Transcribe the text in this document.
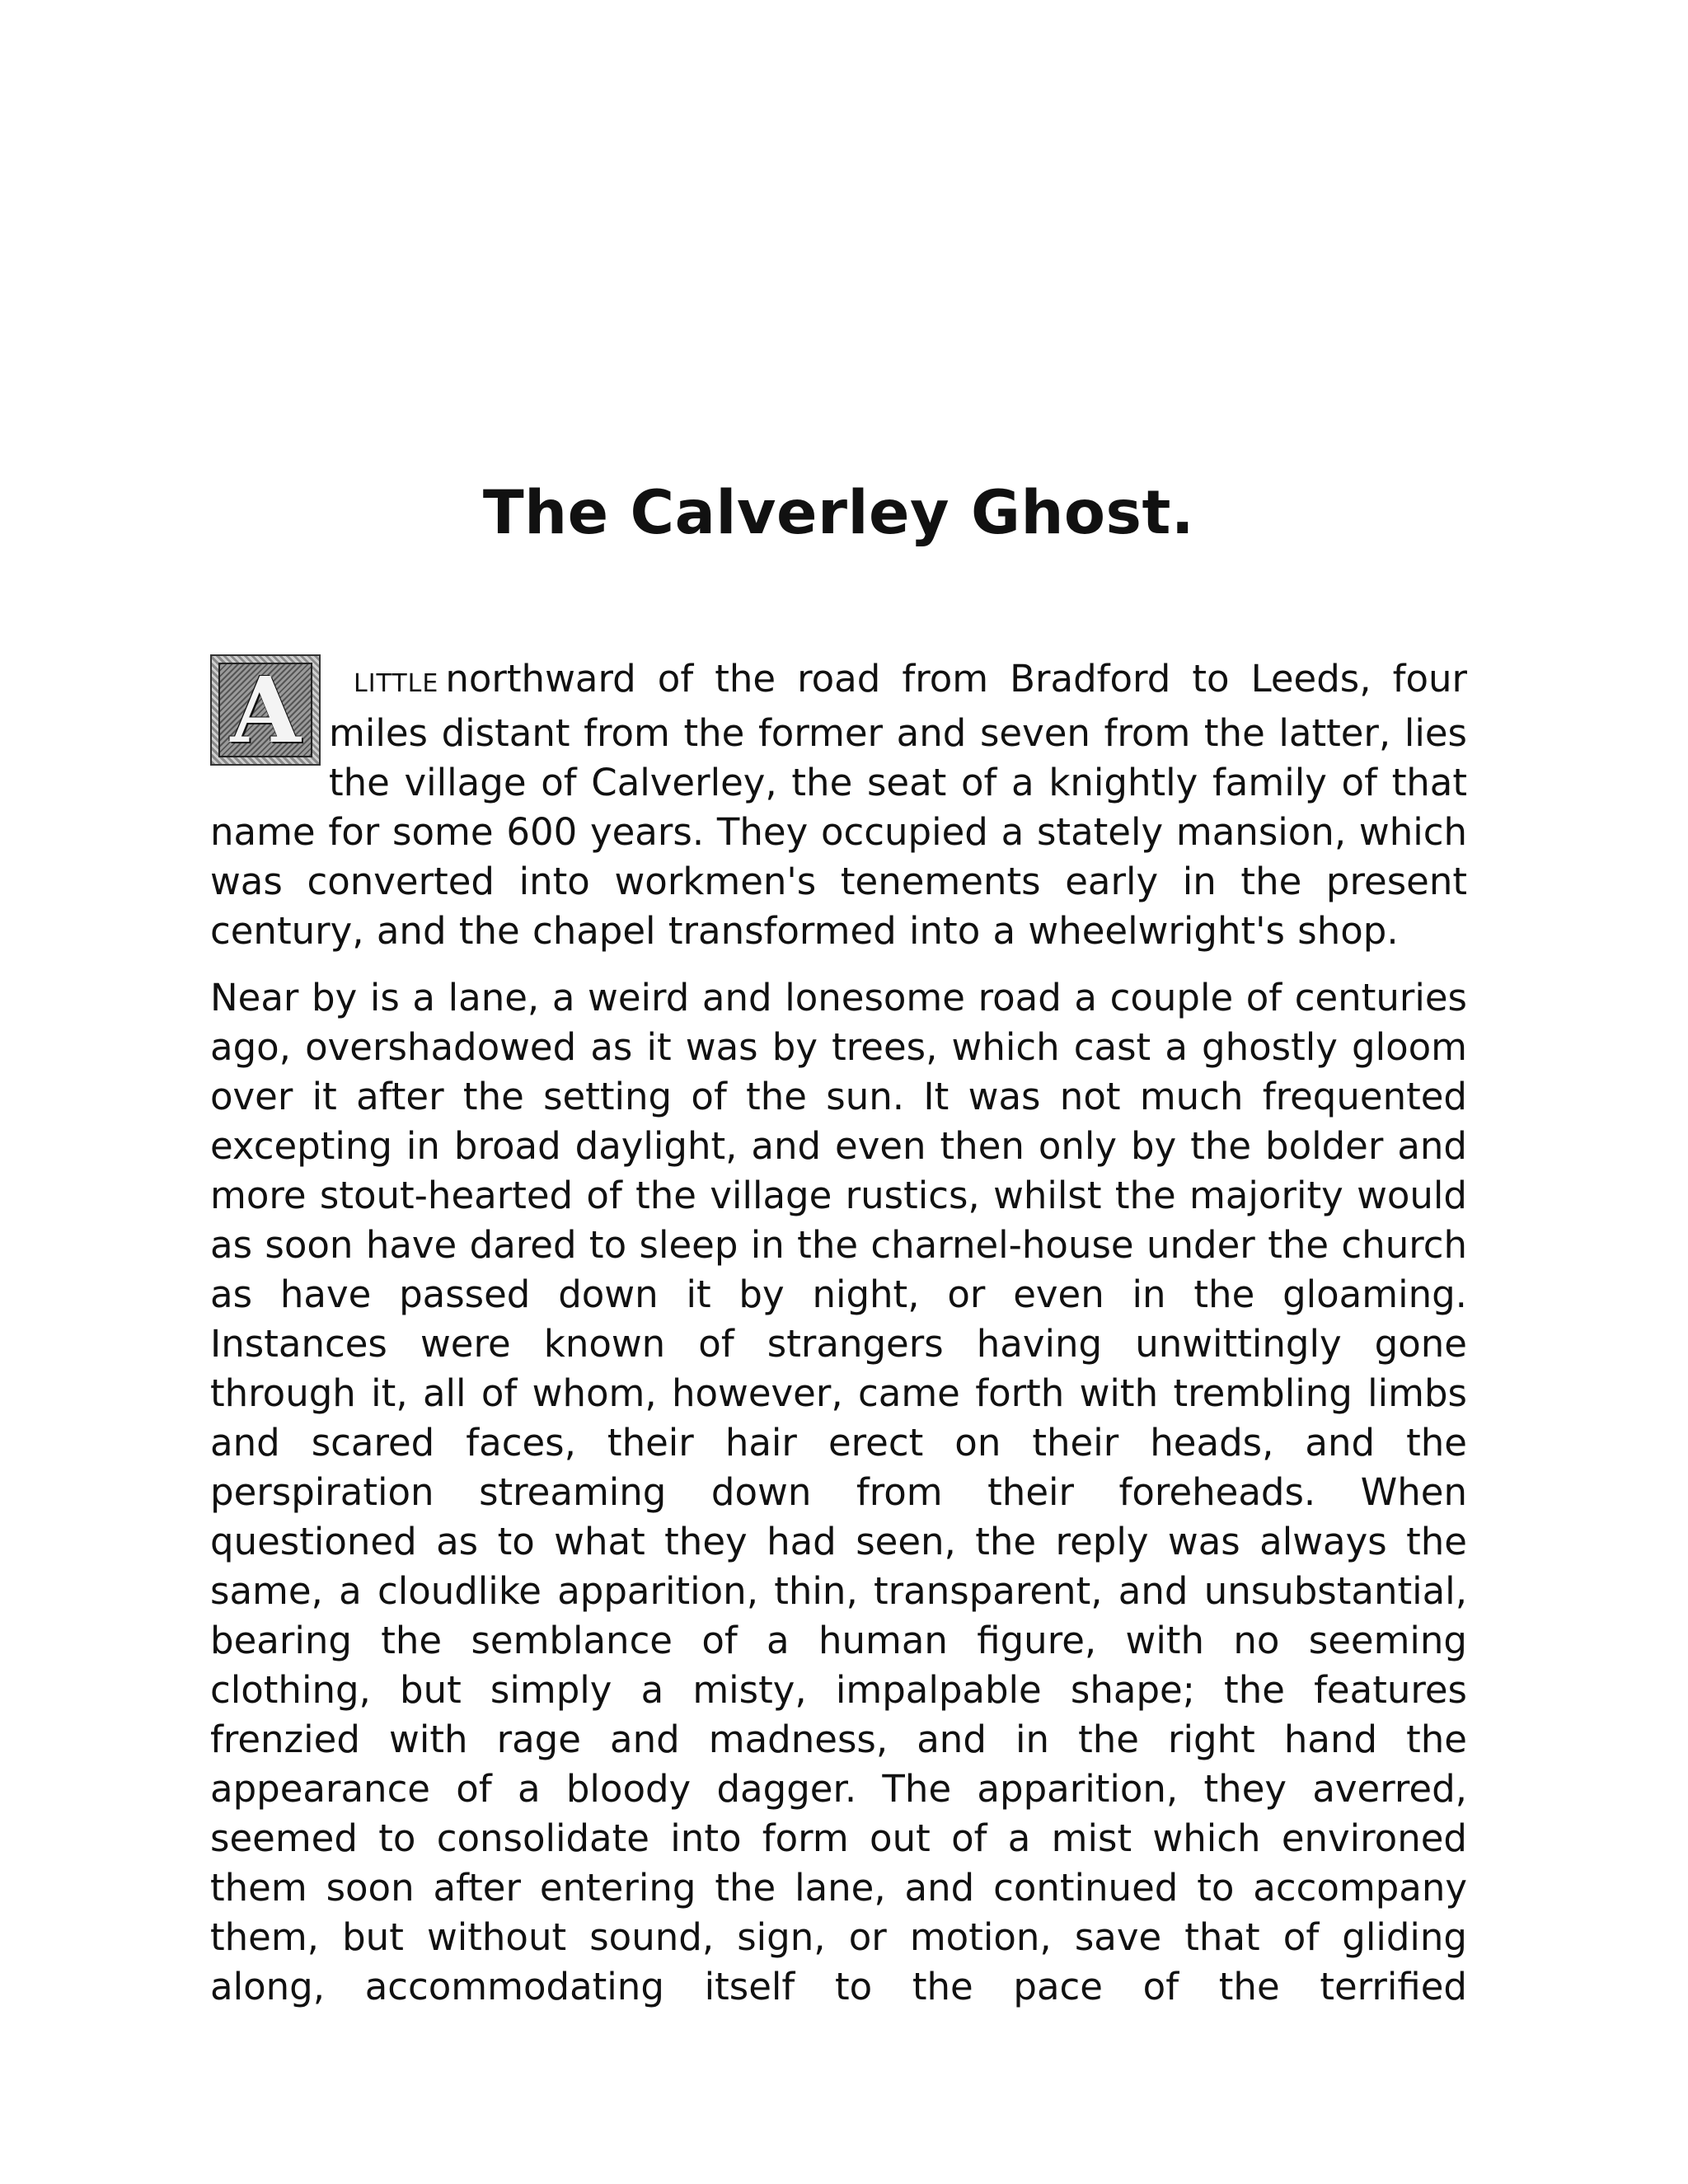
The Calverley Ghost.

A	LITTLE northward of the road from Bradford to Leeds, four miles distant from the former and seven from the latter, lies the village of Calverley, the seat of a knightly family of that name for some 600 years. They occupied a stately mansion, which was converted into workmen's tenements early in the present century, and the chapel transformed into a wheelwright's shop.

Near by is a lane, a weird and lonesome road a couple of centuries ago, overshadowed as it was by trees, which cast a ghostly gloom over it after the setting of the sun. It was not much frequented excepting in broad daylight, and even then only by the bolder and more stout-hearted of the village rustics, whilst the majority would as soon have dared to sleep in the charnel-house under the church as have passed down it by night, or even in the gloaming. Instances were known of strangers having unwittingly gone through it, all of whom, however, came forth with trembling limbs and scared faces, their hair erect on their heads, and the perspiration streaming down from their foreheads. When questioned as to what they had seen, the reply was always the same, a cloudlike apparition, thin, transparent, and unsubstantial, bearing the semblance of a human figure, with no seeming clothing, but simply a misty, impalpable shape; the features frenzied with rage and madness, and in the right hand the appearance of a bloody dagger. The apparition, they averred, seemed to consolidate into form out of a mist which environed them soon after entering the lane, and continued to accompany them, but without sound, sign, or motion, save that of gliding along, accommodating itself to the pace of the terrified
